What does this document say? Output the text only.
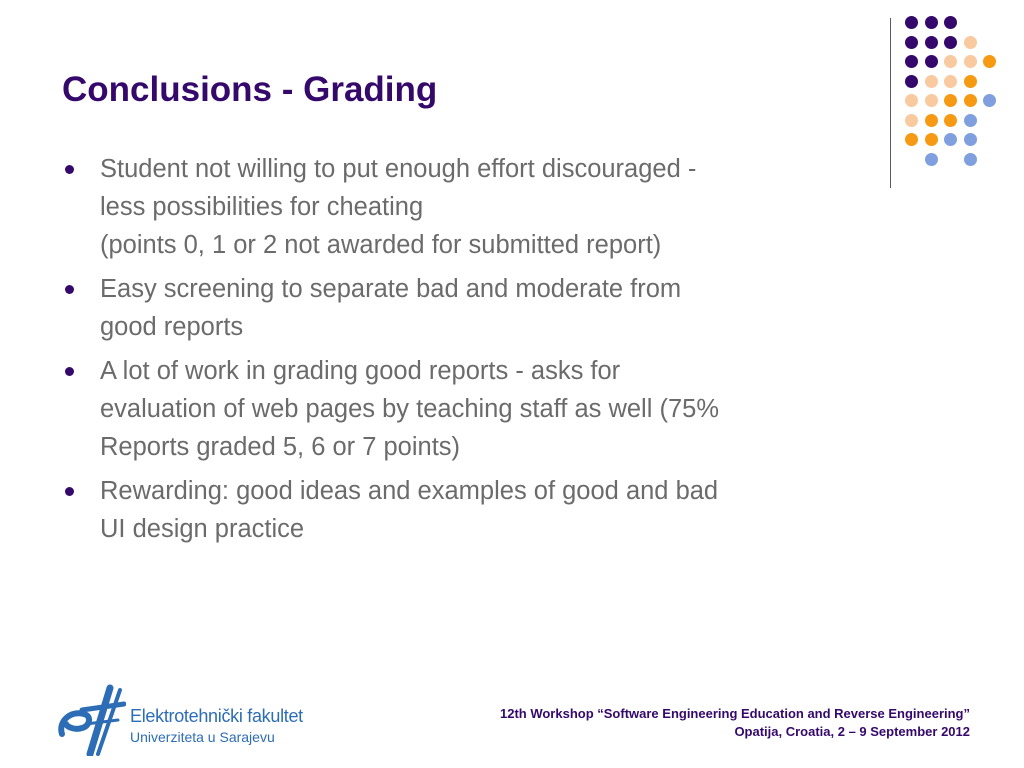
Conclusions - Grading
Student not willing to put enough effort discouraged -
less possibilities for cheating
(points 0, 1 or 2 not awarded for submitted report)
Easy screening to separate bad and moderate from
good reports
A lot of work in grading good reports - asks for
evaluation of web pages by teaching staff as well (75%
Reports graded 5, 6 or 7 points)
Rewarding: good ideas and examples of good and bad
UI design practice
Elektrotehnički fakultet
Univerziteta u Sarajevu
12th Workshop “Software Engineering Education and Reverse Engineering”
Opatija, Croatia, 2 – 9 September 2012
